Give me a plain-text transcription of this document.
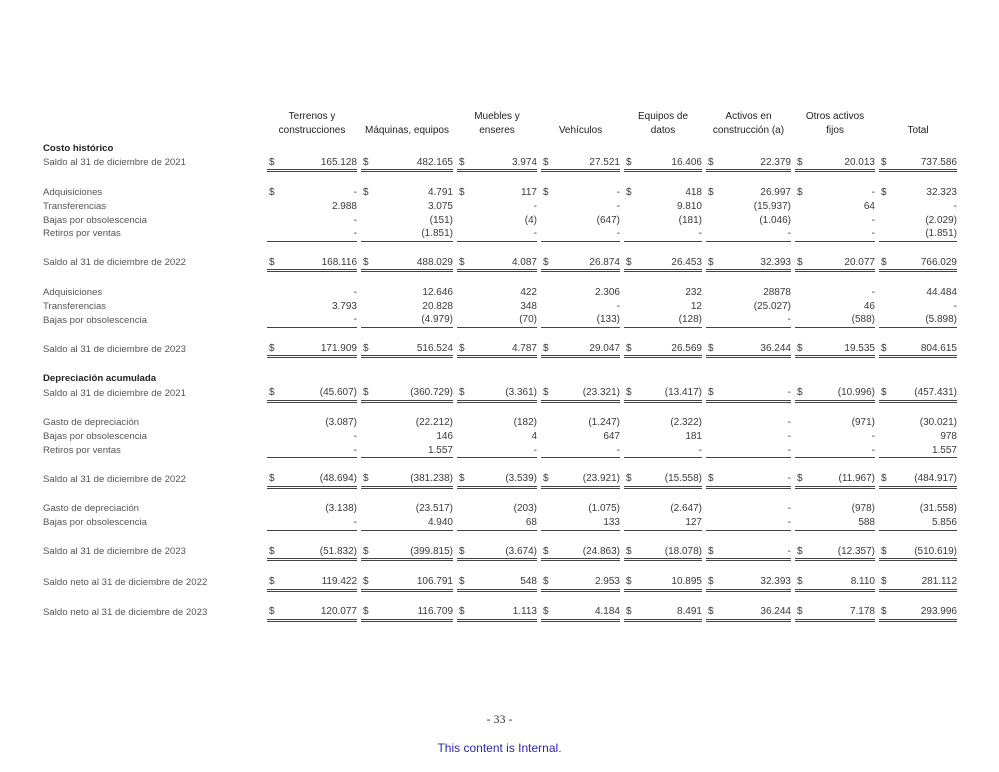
	Terrenos y
construcciones		Máquinas, equipos		Muebles y
enseres		Vehículos		Equipos de
datos		Activos en
construcción (a)		Otros activos
fijos		Total
Costo histórico															
Saldo al 31 de diciembre de 2021	$ 165.128		$ 482.165		$ 3.974		$ 27.521		$ 16.406		$ 22.379		$ 20.013		$ 737.586

Adquisiciones	$ -		$ 4.791		$ 117		$ -		$ 418		$ 26.997		$ -		$ 32.323

Transferencias	2.988		3.075		-		-		9.810		(15.937)		64		-

Bajas por obsolescencia	-		(151)		(4)		(647)		(181)		(1.046)		-		(2.029)

Retiros por ventas	-		(1.851)		-		-		-		-		-		(1.851)

Saldo al 31 de diciembre de 2022	$ 168.116		$ 488.029		$ 4.087		$ 26.874		$ 26.453		$ 32.393		$ 20.077		$ 766.029

Adquisiciones	-		12.646		422		2.306		232		28878		-		44.484

Transferencias	3.793		20.828		348		-		12		(25.027)		46		-

Bajas por obsolescencia	-		(4.979)		(70)		(133)		(128)		-		(588)		(5.898)

Saldo al 31 de diciembre de 2023	$ 171.909		$ 516.524		$ 4.787		$ 29.047		$ 26.569		$ 36.244		$ 19.535		$ 804.615

Depreciación acumulada															
Saldo al 31 de diciembre de 2021	$ (45.607)		$ (360.729)		$ (3.361)		$ (23.321)		$ (13.417)		$ -		$ (10.996)		$ (457.431)

Gasto de depreciación	(3.087)		(22.212)		(182)		(1.247)		(2.322)		-		(971)		(30.021)

Bajas por obsolescencia	-		146		4		647		181		-		-		978

Retiros por ventas	-		1.557		-		-		-		-		-		1.557

Saldo al 31 de diciembre de 2022	$ (48.694)		$ (381.238)		$ (3.539)		$ (23.921)		$ (15.558)		$ -		$ (11.967)		$ (484.917)

Gasto de depreciación	(3.138)		(23.517)		(203)		(1.075)		(2.647)		-		(978)		(31.558)

Bajas por obsolescencia	-		4.940		68		133		127		-		588		5.856

Saldo al 31 de diciembre de 2023	$ (51.832)		$ (399.815)		$ (3.674)		$ (24.863)		$ (18.078)		$ -		$ (12.357)		$ (510.619)

Saldo neto al 31 de diciembre de 2022	$ 119.422		$ 106.791		$ 548		$ 2.953		$ 10.895		$ 32.393		$ 8.110		$ 281.112

Saldo neto al 31 de diciembre de 2023	$ 120.077		$ 116.709		$ 1.113		$ 4.184		$ 8.491		$ 36.244		$ 7.178		$ 293.996
- 33 -
This content is Internal.
